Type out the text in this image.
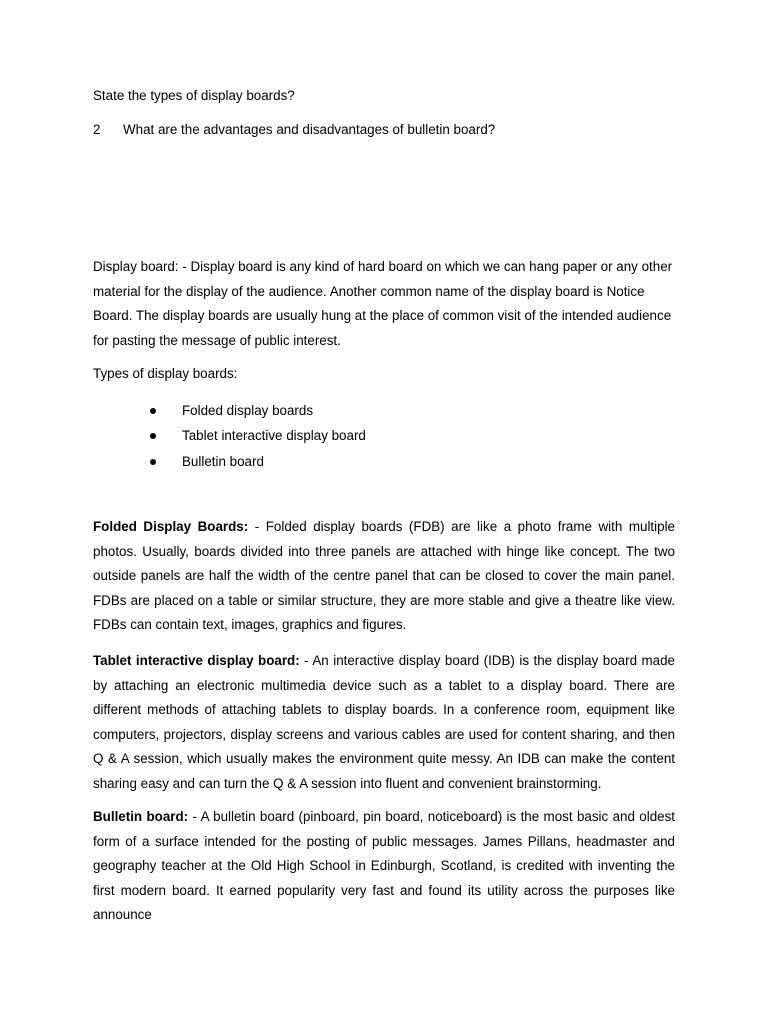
State the types of display boards?
2 What are the advantages and disadvantages of bulletin board?

Display board: - Display board is any kind of hard board on which we can hang paper or any other material for the display of the audience. Another common name of the display board is Notice Board. The display boards are usually hung at the place of common visit of the intended audience for pasting the message of public interest.

Types of display boards:
Folded display boards
Tablet interactive display board
Bulletin board

Folded Display Boards: - Folded display boards (FDB) are like a photo frame with multiple photos. Usually, boards divided into three panels are attached with hinge like concept. The two outside panels are half the width of the centre panel that can be closed to cover the main panel. FDBs are placed on a table or similar structure, they are more stable and give a theatre like view. FDBs can contain text, images, graphics and figures.

Tablet interactive display board: - An interactive display board (IDB) is the display board made by attaching an electronic multimedia device such as a tablet to a display board. There are different methods of attaching tablets to display boards. In a conference room, equipment like computers, projectors, display screens and various cables are used for content sharing, and then Q & A session, which usually makes the environment quite messy. An IDB can make the content sharing easy and can turn the Q & A session into fluent and convenient brainstorming.

Bulletin board: - A bulletin board (pinboard, pin board, noticeboard) is the most basic and oldest form of a surface intended for the posting of public messages. James Pillans, headmaster and geography teacher at the Old High School in Edinburgh, Scotland, is credited with inventing the first modern board. It earned popularity very fast and found its utility across the purposes like announce
